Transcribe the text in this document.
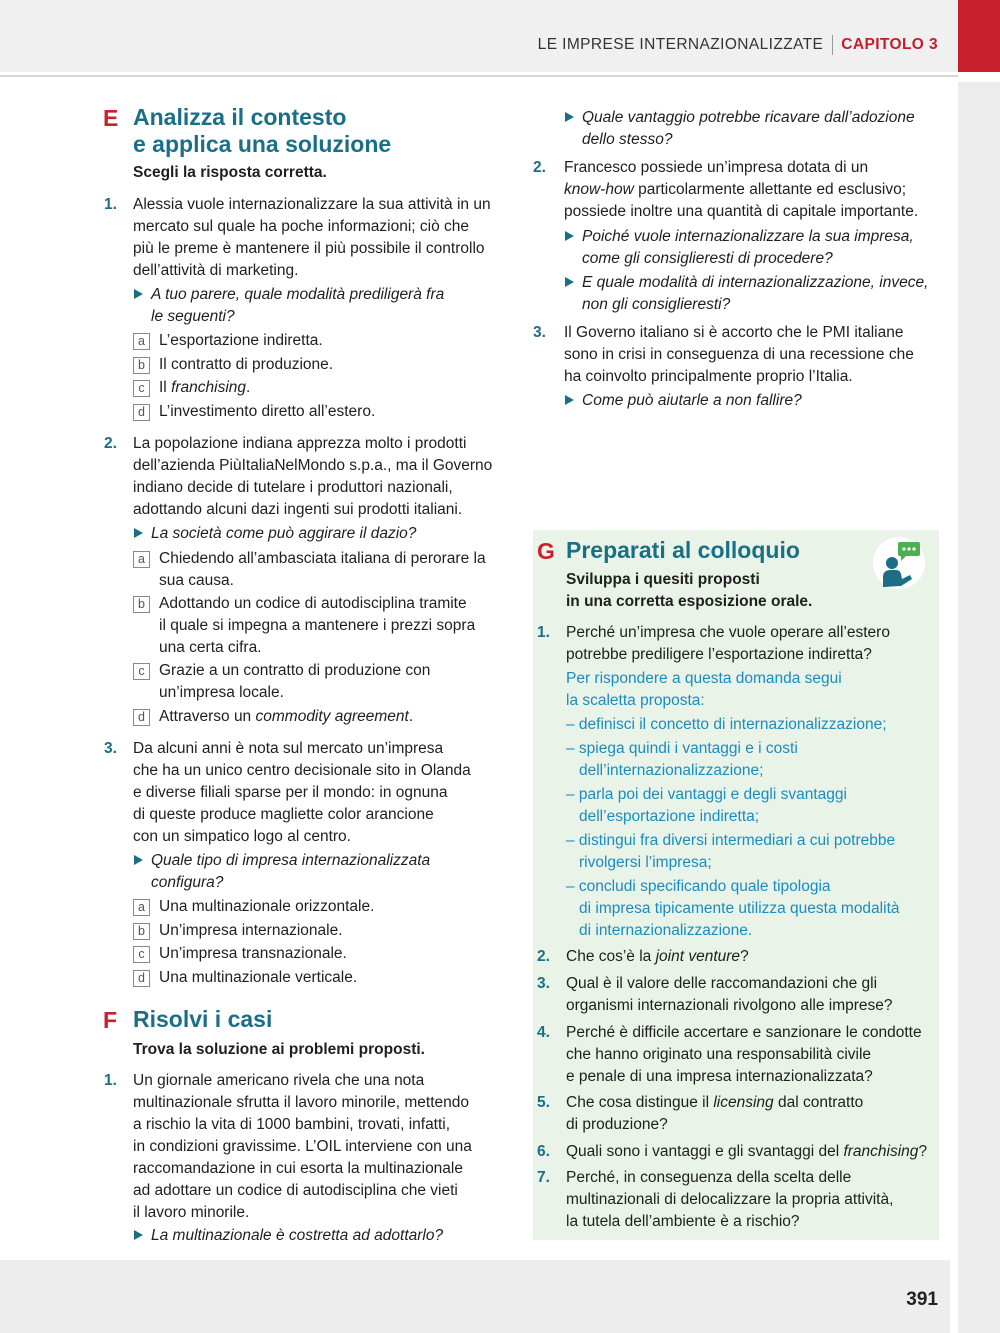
LE IMPRESE INTERNAZIONALIZZATE CAPITOLO 3
391
E Analizza il contesto
e applica una soluzione
Scegli la risposta corretta.
1. Alessia vuole internazionalizzare la sua attività in un
mercato sul quale ha poche informazioni; ciò che
più le preme è mantenere il più possibile il controllo
dell’attività di marketing.
A tuo parere, quale modalità prediligerà fra
le seguenti?
a L’esportazione indiretta.
b Il contratto di produzione.
c Il franchising.
d L’investimento diretto all’estero.
2. La popolazione indiana apprezza molto i prodotti
dell’azienda PiùItaliaNelMondo s.p.a., ma il Governo
indiano decide di tutelare i produttori nazionali,
adottando alcuni dazi ingenti sui prodotti italiani.
La società come può aggirare il dazio?
a Chiedendo all’ambasciata italiana di perorare la
sua causa.
b Adottando un codice di autodisciplina tramite
il quale si impegna a mantenere i prezzi sopra
una certa cifra.
c Grazie a un contratto di produzione con
un’impresa locale.
d Attraverso un commodity agreement.
3. Da alcuni anni è nota sul mercato un’impresa
che ha un unico centro decisionale sito in Olanda
e diverse filiali sparse per il mondo: in ognuna
di queste produce magliette color arancione
con un simpatico logo al centro.
Quale tipo di impresa internazionalizzata
configura?
a Una multinazionale orizzontale.
b Un’impresa internazionale.
c Un’impresa transnazionale.
d Una multinazionale verticale.
F Risolvi i casi
Trova la soluzione ai problemi proposti.
1. Un giornale americano rivela che una nota
multinazionale sfrutta il lavoro minorile, mettendo
a rischio la vita di 1000 bambini, trovati, infatti,
in condizioni gravissime. L’OIL interviene con una
raccomandazione in cui esorta la multinazionale
ad adottare un codice di autodisciplina che vieti
il lavoro minorile.
La multinazionale è costretta ad adottarlo?
Quale vantaggio potrebbe ricavare dall’adozione
dello stesso?
2. Francesco possiede un’impresa dotata di un
know-how particolarmente allettante ed esclusivo;
possiede inoltre una quantità di capitale importante.
Poiché vuole internazionalizzare la sua impresa,
come gli consiglieresti di procedere?
E quale modalità di internazionalizzazione, invece,
non gli consiglieresti?
3. Il Governo italiano si è accorto che le PMI italiane
sono in crisi in conseguenza di una recessione che
ha coinvolto principalmente proprio l’Italia.
Come può aiutarle a non fallire?
G Preparati al colloquio
Sviluppa i quesiti proposti
in una corretta esposizione orale.
1. Perché un’impresa che vuole operare all’estero
potrebbe prediligere l’esportazione indiretta?
Per rispondere a questa domanda segui
la scaletta proposta:
– definisci il concetto di internazionalizzazione;
– spiega quindi i vantaggi e i costi
dell’internazionalizzazione;
– parla poi dei vantaggi e degli svantaggi
dell’esportazione indiretta;
– distingui fra diversi intermediari a cui potrebbe
rivolgersi l’impresa;
– concludi specificando quale tipologia
di impresa tipicamente utilizza questa modalità
di internazionalizzazione.
2. Che cos’è la joint venture?
3. Qual è il valore delle raccomandazioni che gli
organismi internazionali rivolgono alle imprese?
4. Perché è difficile accertare e sanzionare le condotte
che hanno originato una responsabilità civile
e penale di una impresa internazionalizzata?
5. Che cosa distingue il licensing dal contratto
di produzione?
6. Quali sono i vantaggi e gli svantaggi del franchising?
7. Perché, in conseguenza della scelta delle
multinazionali di delocalizzare la propria attività,
la tutela dell’ambiente è a rischio?
